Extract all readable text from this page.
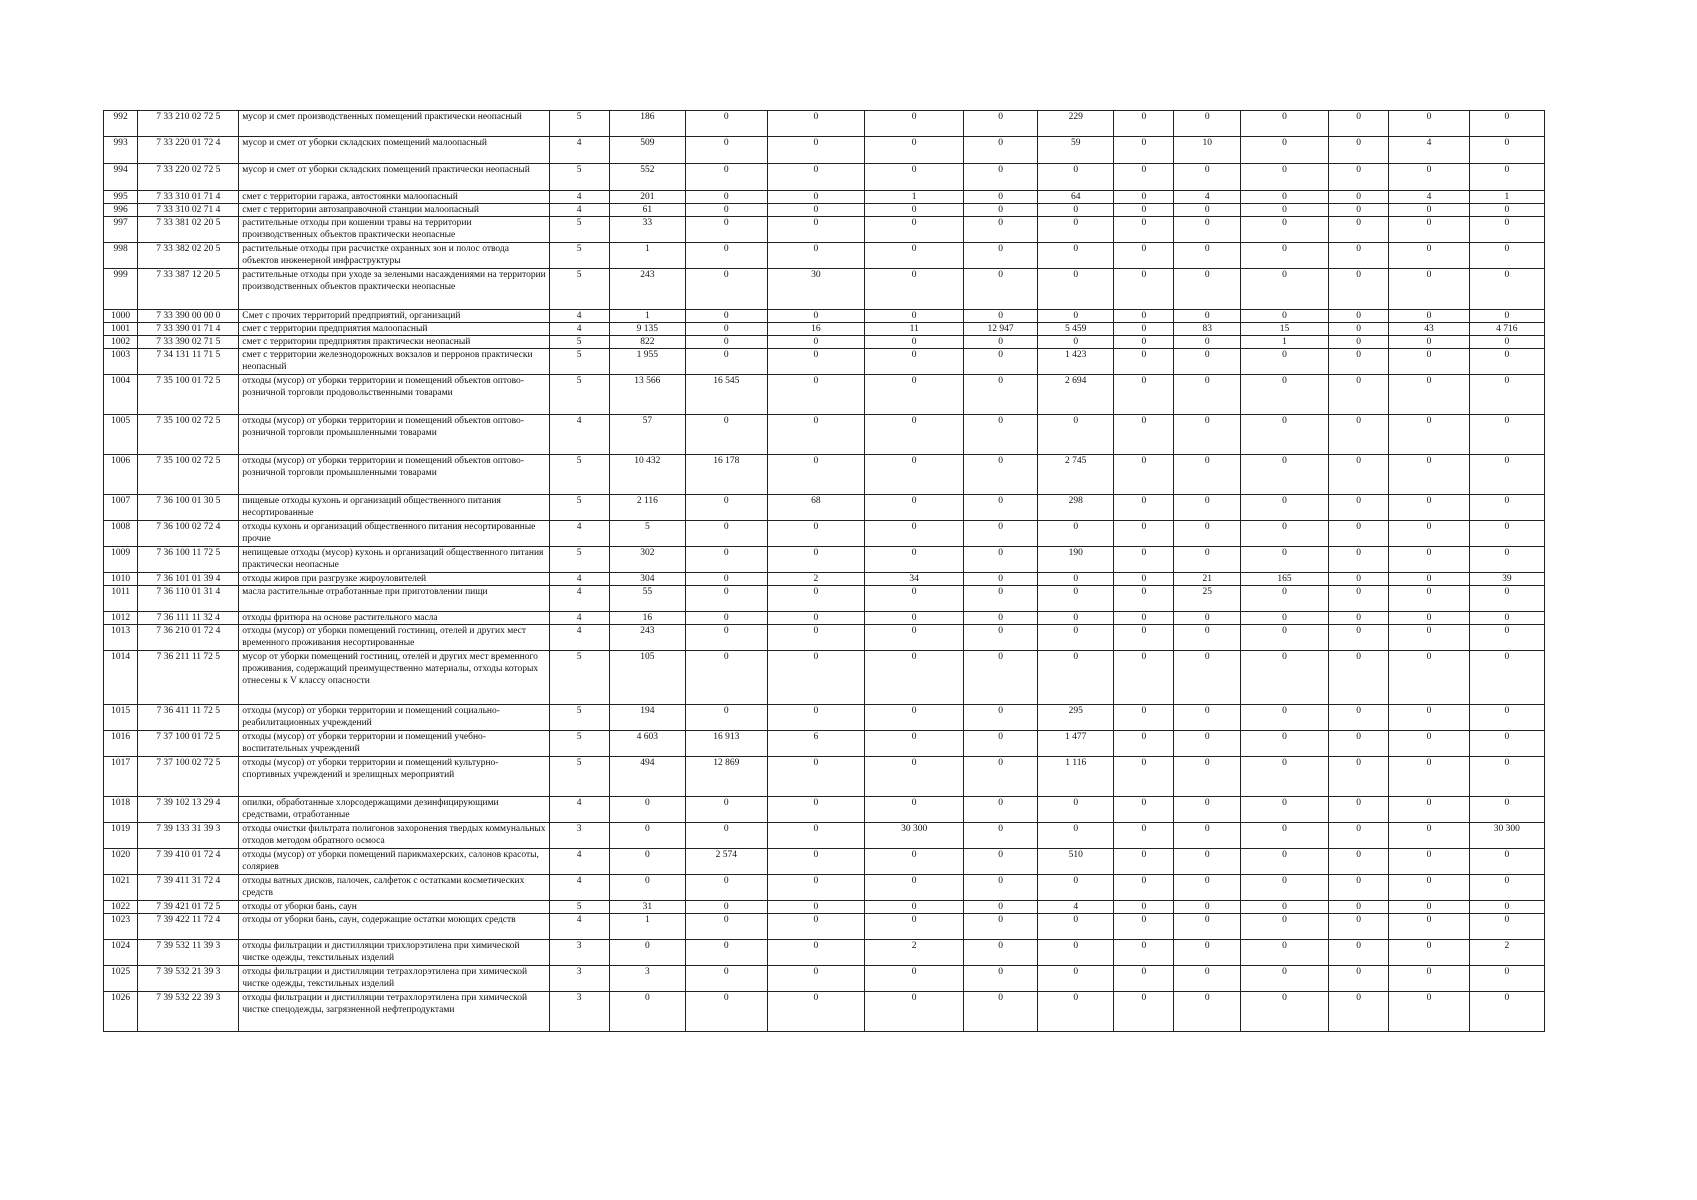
992	7 33 210 02 72 5	мусор и смет производственных помещений практически неопасный	5	186	0	0	0	0	229	0	0	0	0	0	0
993	7 33 220 01 72 4	мусор и смет от уборки складских помещений малоопасный	4	509	0	0	0	0	59	0	10	0	0	4	0
994	7 33 220 02 72 5	мусор и смет от уборки складских помещений практически неопасный	5	552	0	0	0	0	0	0	0	0	0	0	0
995	7 33 310 01 71 4	смет с территории гаража, автостоянки малоопасный	4	201	0	0	1	0	64	0	4	0	0	4	1
996	7 33 310 02 71 4	смет с территории автозаправочной станции малоопасный	4	61	0	0	0	0	0	0	0	0	0	0	0
997	7 33 381 02 20 5	растительные отходы при кошении травы на территории производственных объектов практически неопасные	5	33	0	0	0	0	0	0	0	0	0	0	0
998	7 33 382 02 20 5	растительные отходы при расчистке охранных зон и полос отвода объектов инженерной инфраструктуры	5	1	0	0	0	0	0	0	0	0	0	0	0
999	7 33 387 12 20 5	растительные отходы при уходе за зелеными насаждениями на территории производственных объектов практически неопасные	5	243	0	30	0	0	0	0	0	0	0	0	0
1000	7 33 390 00 00 0	Смет с прочих территорий предприятий, организаций	4	1	0	0	0	0	0	0	0	0	0	0	0
1001	7 33 390 01 71 4	смет с территории предприятия малоопасный	4	9 135	0	16	11	12 947	5 459	0	83	15	0	43	4 716
1002	7 33 390 02 71 5	смет с территории предприятия практически неопасный	5	822	0	0	0	0	0	0	0	1	0	0	0
1003	7 34 131 11 71 5	смет с территории железнодорожных вокзалов и перронов практически неопасный	5	1 955	0	0	0	0	1 423	0	0	0	0	0	0
1004	7 35 100 01 72 5	отходы (мусор) от уборки территории и помещений объектов оптово-розничной торговли продовольственными товарами	5	13 566	16 545	0	0	0	2 694	0	0	0	0	0	0
1005	7 35 100 02 72 5	отходы (мусор) от уборки территории и помещений объектов оптово-розничной торговли промышленными товарами	4	57	0	0	0	0	0	0	0	0	0	0	0
1006	7 35 100 02 72 5	отходы (мусор) от уборки территории и помещений объектов оптово-розничной торговли промышленными товарами	5	10 432	16 178	0	0	0	2 745	0	0	0	0	0	0
1007	7 36 100 01 30 5	пищевые отходы кухонь и организаций общественного питания несортированные	5	2 116	0	68	0	0	298	0	0	0	0	0	0
1008	7 36 100 02 72 4	отходы кухонь и организаций общественного питания несортированные прочие	4	5	0	0	0	0	0	0	0	0	0	0	0
1009	7 36 100 11 72 5	непищевые отходы (мусор) кухонь и организаций общественного питания практически неопасные	5	302	0	0	0	0	190	0	0	0	0	0	0
1010	7 36 101 01 39 4	отходы жиров при разгрузке жироуловителей	4	304	0	2	34	0	0	0	21	165	0	0	39
1011	7 36 110 01 31 4	масла растительные отработанные при приготовлении пищи	4	55	0	0	0	0	0	0	25	0	0	0	0
1012	7 36 111 11 32 4	отходы фритюра на основе растительного масла	4	16	0	0	0	0	0	0	0	0	0	0	0
1013	7 36 210 01 72 4	отходы (мусор) от уборки помещений гостиниц, отелей и других мест временного проживания несортированные	4	243	0	0	0	0	0	0	0	0	0	0	0
1014	7 36 211 11 72 5	мусор от уборки помещений гостиниц, отелей и других мест временного проживания, содержащий преимущественно материалы, отходы которых отнесены к V классу опасности	5	105	0	0	0	0	0	0	0	0	0	0	0
1015	7 36 411 11 72 5	отходы (мусор) от уборки территории и помещений социально-реабилитационных учреждений	5	194	0	0	0	0	295	0	0	0	0	0	0
1016	7 37 100 01 72 5	отходы (мусор) от уборки территории и помещений учебно-воспитательных учреждений	5	4 603	16 913	6	0	0	1 477	0	0	0	0	0	0
1017	7 37 100 02 72 5	отходы (мусор) от уборки территории и помещений культурно-спортивных учреждений и зрелищных мероприятий	5	494	12 869	0	0	0	1 116	0	0	0	0	0	0
1018	7 39 102 13 29 4	опилки, обработанные хлорсодержащими дезинфицирующими средствами, отработанные	4	0	0	0	0	0	0	0	0	0	0	0	0
1019	7 39 133 31 39 3	отходы очистки фильтрата полигонов захоронения твердых коммунальных отходов методом обратного осмоса	3	0	0	0	30 300	0	0	0	0	0	0	0	30 300
1020	7 39 410 01 72 4	отходы (мусор) от уборки помещений парикмахерских, салонов красоты, соляриев	4	0	2 574	0	0	0	510	0	0	0	0	0	0
1021	7 39 411 31 72 4	отходы ватных дисков, палочек, салфеток с остатками косметических средств	4	0	0	0	0	0	0	0	0	0	0	0	0
1022	7 39 421 01 72 5	отходы от уборки бань, саун	5	31	0	0	0	0	4	0	0	0	0	0	0
1023	7 39 422 11 72 4	отходы от уборки бань, саун, содержащие остатки моющих средств	4	1	0	0	0	0	0	0	0	0	0	0	0
1024	7 39 532 11 39 3	отходы фильтрации и дистилляции трихлорэтилена при химической чистке одежды, текстильных изделий	3	0	0	0	2	0	0	0	0	0	0	0	2
1025	7 39 532 21 39 3	отходы фильтрации и дистилляции тетрахлорэтилена при химической чистке одежды, текстильных изделий	3	3	0	0	0	0	0	0	0	0	0	0	0
1026	7 39 532 22 39 3	отходы фильтрации и дистилляции тетрахлорэтилена при химической чистке спецодежды, загрязненной нефтепродуктами	3	0	0	0	0	0	0	0	0	0	0	0	0
